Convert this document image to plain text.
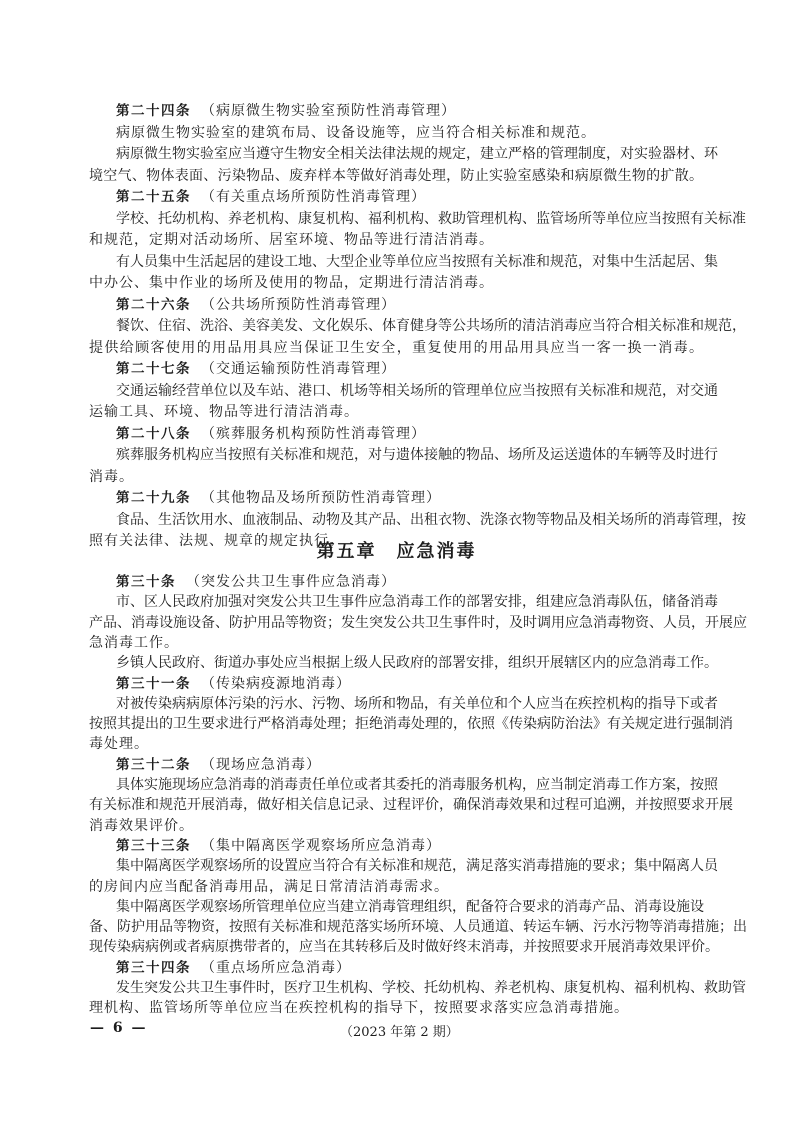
第五章　应急消毒
— 6 —	（2023 年第 2 期）
第二十四条 （病原微生物实验室预防性消毒管理）
病原微生物实验室的建筑布局、设备设施等，应当符合相关标准和规范。
病原微生物实验室应当遵守生物安全相关法律法规的规定，建立严格的管理制度，对实验器材、环
境空气、物体表面、污染物品、废弃样本等做好消毒处理，防止实验室感染和病原微生物的扩散。
第二十五条 （有关重点场所预防性消毒管理）
学校、托幼机构、养老机构、康复机构、福利机构、救助管理机构、监管场所等单位应当按照有关标准
和规范，定期对活动场所、居室环境、物品等进行清洁消毒。
有人员集中生活起居的建设工地、大型企业等单位应当按照有关标准和规范，对集中生活起居、集
中办公、集中作业的场所及使用的物品，定期进行清洁消毒。
第二十六条 （公共场所预防性消毒管理）
餐饮、住宿、洗浴、美容美发、文化娱乐、体育健身等公共场所的清洁消毒应当符合相关标准和规范，
提供给顾客使用的用品用具应当保证卫生安全，重复使用的用品用具应当一客一换一消毒。
第二十七条 （交通运输预防性消毒管理）
交通运输经营单位以及车站、港口、机场等相关场所的管理单位应当按照有关标准和规范，对交通
运输工具、环境、物品等进行清洁消毒。
第二十八条 （殡葬服务机构预防性消毒管理）
殡葬服务机构应当按照有关标准和规范，对与遗体接触的物品、场所及运送遗体的车辆等及时进行
消毒。
第二十九条 （其他物品及场所预防性消毒管理）
食品、生活饮用水、血液制品、动物及其产品、出租衣物、洗涤衣物等物品及相关场所的消毒管理，按
照有关法律、法规、规章的规定执行。
第三十条 （突发公共卫生事件应急消毒）
市、区人民政府加强对突发公共卫生事件应急消毒工作的部署安排，组建应急消毒队伍，储备消毒
产品、消毒设施设备、防护用品等物资；发生突发公共卫生事件时，及时调用应急消毒物资、人员，开展应
急消毒工作。
乡镇人民政府、街道办事处应当根据上级人民政府的部署安排，组织开展辖区内的应急消毒工作。
第三十一条 （传染病疫源地消毒）
对被传染病病原体污染的污水、污物、场所和物品，有关单位和个人应当在疾控机构的指导下或者
按照其提出的卫生要求进行严格消毒处理；拒绝消毒处理的，依照《传染病防治法》有关规定进行强制消
毒处理。
第三十二条 （现场应急消毒）
具体实施现场应急消毒的消毒责任单位或者其委托的消毒服务机构，应当制定消毒工作方案，按照
有关标准和规范开展消毒，做好相关信息记录、过程评价，确保消毒效果和过程可追溯，并按照要求开展
消毒效果评价。
第三十三条 （集中隔离医学观察场所应急消毒）
集中隔离医学观察场所的设置应当符合有关标准和规范，满足落实消毒措施的要求；集中隔离人员
的房间内应当配备消毒用品，满足日常清洁消毒需求。
集中隔离医学观察场所管理单位应当建立消毒管理组织，配备符合要求的消毒产品、消毒设施设
备、防护用品等物资，按照有关标准和规范落实场所环境、人员通道、转运车辆、污水污物等消毒措施；出
现传染病病例或者病原携带者的，应当在其转移后及时做好终末消毒，并按照要求开展消毒效果评价。
第三十四条 （重点场所应急消毒）
发生突发公共卫生事件时，医疗卫生机构、学校、托幼机构、养老机构、康复机构、福利机构、救助管
理机构、监管场所等单位应当在疾控机构的指导下，按照要求落实应急消毒措施。
